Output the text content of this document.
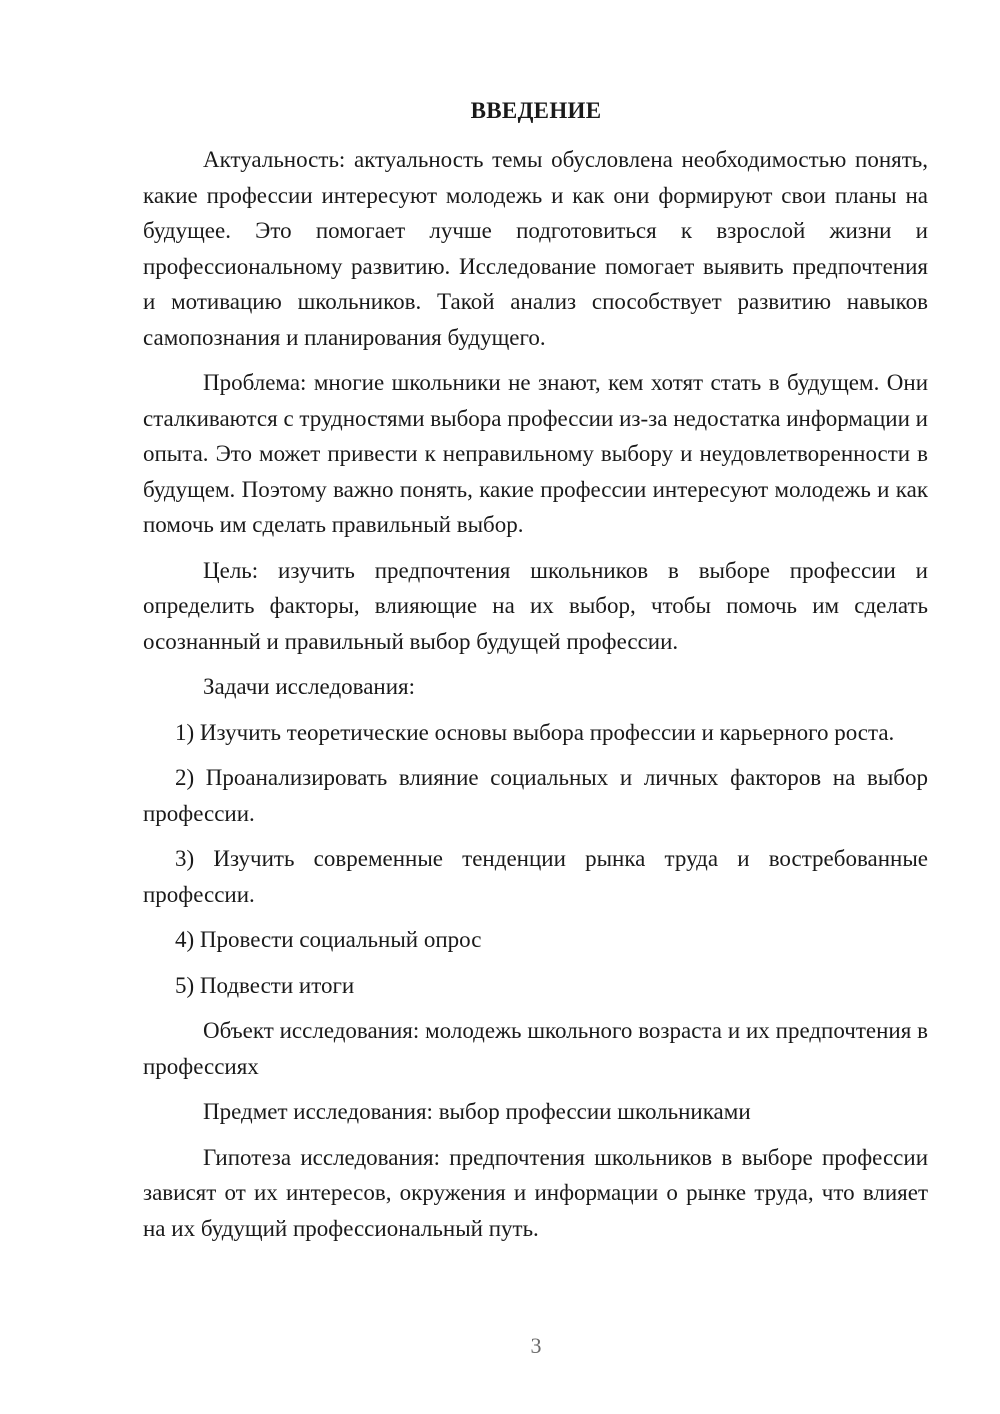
ВВЕДЕНИЕ

Актуальность: актуальность темы обусловлена необходимостью понять, какие профессии интересуют молодежь и как они формируют свои планы на будущее. Это помогает лучше подготовиться к взрослой жизни и профессиональному развитию. Исследование помогает выявить предпочтения и мотивацию школьников. Такой анализ способствует развитию навыков самопознания и планирования будущего.

Проблема: многие школьники не знают, кем хотят стать в будущем. Они сталкиваются с трудностями выбора профессии из-за недостатка информации и опыта. Это может привести к неправильному выбору и неудовлетворенности в будущем. Поэтому важно понять, какие профессии интересуют молодежь и как помочь им сделать правильный выбор.

Цель: изучить предпочтения школьников в выборе профессии и определить факторы, влияющие на их выбор, чтобы помочь им сделать осознанный и правильный выбор будущей профессии.

Задачи исследования:

1) Изучить теоретические основы выбора профессии и карьерного роста.

2) Проанализировать влияние социальных и личных факторов на выбор профессии.

3) Изучить современные тенденции рынка труда и востребованные профессии.

4) Провести социальный опрос

5) Подвести итоги

Объект исследования: молодежь школьного возраста и их предпочтения в профессиях

Предмет исследования: выбор профессии школьниками

Гипотеза исследования: предпочтения школьников в выборе профессии зависят от их интересов, окружения и информации о рынке труда, что влияет на их будущий профессиональный путь.

3
